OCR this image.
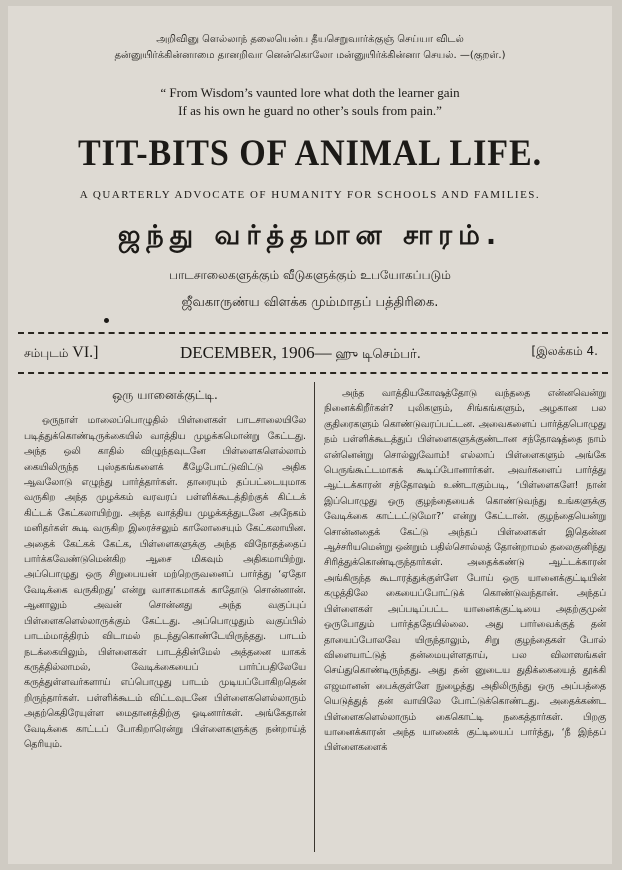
அறிவினு ளெல்லாந் தலையென்ப தீயசெறுவார்க்குஞ் செய்யா விடல்
தன்னுயிர்க்கின்னாமை தானறிவா னென்கொலோ மன்னுயிர்க்கின்னா செயல். —(குறள்.)
“ From Wisdom’s vaunted lore what doth the learner gain
If as his own he guard no other’s souls from pain.”
TIT-BITS OF ANIMAL LIFE.
A QUARTERLY ADVOCATE OF HUMANITY FOR SCHOOLS AND FAMILIES.
ஜந்து வர்த்தமான சாரம்.
பாடசாலைகளுக்கும் வீடுகளுக்கும் உபயோகப்படும்
ஜீவகாருண்ய விளக்க மும்மாதப் பத்திரிகை.
சம்புடம் VI.]	DECEMBER, 1906— ஹு டிசெம்பர்.	[இலக்கம் 4.
ஒரு யானைக்குட்டி.

ஒருநாள் மாலைப்பொழுதில் பிள்ளைகள் பாடசாலையிலே படித்துக்கொண்டிருக்கையில் வாத்திய முழக்கமொன்று கேட்டது. அந்த ஒலி காதில் விழுந்தவுடனே பிள்ளைகளெல்லாம் கையிலிருந்த புஸ்தகங்களைக் கீழேபோட்டுவிட்டு அதிக ஆவலோடு எழுந்து பார்த்தார்கள். தாரையும் தப்பட்டையுமாக வருகிற அந்த முழக்கம் வரவரப் பள்ளிக்கூடத்திற்குக் கிட்டக் கிட்டக் கேட்கலாயிற்று. அந்த வாத்திய முழக்கத்துடனே அநேகம் மனிதர்கள் கூடி வருகிற இரைச்சலும் காலோசையும் கேட்கலாயின. அதைக் கேட்கக் கேட்க, பிள்ளைகளுக்கு அந்த விநோதத்தைப் பார்க்கவேண்டுமென்கிற ஆசை மிகவும் அதிகமாயிற்று. அப்பொழுது ஒரு சிறுபையன் மற்றெருவனைப் பார்த்து ‘ஏதோ வேடிக்கை வருகிறது’ என்று வாசாகமாகக் காதோடு சொன்னான். ஆனாலும் அவன் சொன்னது அந்த வகுப்புப் பிள்ளைகளெல்லாருக்கும் கேட்டது. அப்பொழுதும் வகுப்பில் பாடம்மாத்திரம் விடாமல் நடந்துகொண்டேயிருந்தது. பாடம் நடக்கையிலும், பிள்ளைகள் பாடத்தின்மேல் அத்தனை யாகக் கருத்தில்லாமல், வேடிக்கையைப் பார்ப்பதிலேயே கருத்துள்ளவர்களாய் எப்பொழுது பாடம் முடியப்போகிறதென் றிருந்தார்கள். பள்ளிக்கூடம் விட்டவுடனே பிள்ளைகளெல்லாரும் அதற்கெதிரேயுள்ள மைதானத்திற்கு ஓடினார்கள். அங்கேதான் வேடிக்கை காட்டப் போகிறாரென்று பிள்ளைகளுக்கு நன்றாய்த் தெரியும்.

அந்த வாத்தியகோஷத்தோடு வந்ததை என்னவென்று நினைக்கிறீர்கள்? புலிகளும், சிங்கங்களும், அழகான பல குதிரைகளும் கொண்டுவரப்பட்டன. அவைகளைப் பார்த்தபொழுது நம் பள்ளிக்கூடத்துப் பிள்ளைகளுக்குண்டான சந்தோஷத்தை நாம் என்னென்று சொல்லுவோம்! எல்லாப் பிள்ளைகளும் அங்கே பெருங்கூட்டமாகக் கூடிப்போனார்கள். அவர்களைப் பார்த்து ஆட்டக்காரன் சந்தோஷம் உண்டாகும்படி, ‘பிள்ளைகளே! நான் இப்பொழுது ஒரு குழந்தையைக் கொண்டுவந்து உங்களுக்கு வேடிக்கை காட்டட்டுமோ?’ என்று கேட்டான். குழந்தையென்று சொன்னதைக் கேட்டு அந்தப் பிள்ளைகள் இதென்ன ஆச்சரியமென்று ஒன்றும் பதில்சொல்லத் தோன்றாமல் தலைகுனிந்து சிரித்துக்கொண்டிருந்தார்கள். அதைக்கண்டு ஆட்டக்காரன் அங்கிருந்த கூடாரத்துக்குள்ளே போய் ஒரு யானைக்குட்டியின் கழுத்திலே கையைப்போட்டுக் கொண்டுவந்தான். அந்தப் பிள்ளைகள் அப்படிப்பட்ட யானைக்குட்டியை அதற்குமுன் ஒருபோதும் பார்த்ததேயில்லை. அது பார்வைக்குத் தன் தாயைப்போலவே யிருந்தாலும், சிறு குழந்தைகள் போல் விளையாட்டுத் தன்மையுள்ளதாய், பல விலாஸங்கள் செய்துகொண்டிருந்தது. அது தன் னுடைய துதிக்கையைத் தூக்கி எஜமானன் பைக்குள்ளே நுழைத்து அதிலிருந்து ஒரு அப்பத்தை யெடுத்துத் தன் வாயிலே போட்டுக்கொண்டது. அதைக்கண்ட பிள்ளைகளெல்லாரும் கைகொட்டி நகைத்தார்கள். பிறகு யானைக்காரன் அந்த யானைக் குட்டியைப் பார்த்து, ‘நீ இந்தப் பிள்ளைகளைக்
